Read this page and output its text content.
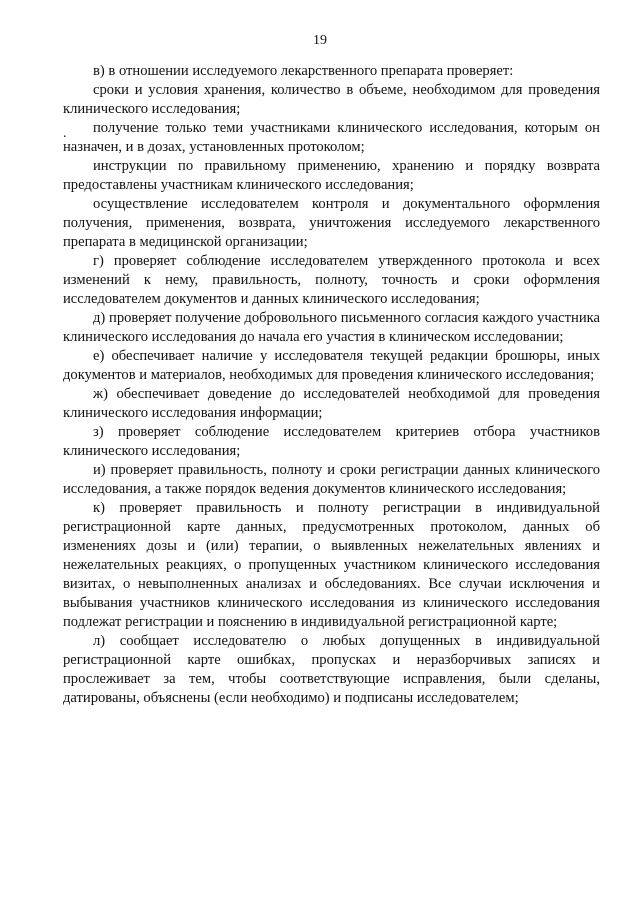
19
.

в) в отношении исследуемого лекарственного препарата проверяет:

сроки и условия хранения, количество в объеме, необходимом для проведения клинического исследования;

получение только теми участниками клинического исследования, которым он назначен, и в дозах, установленных протоколом;

инструкции по правильному применению, хранению и порядку возврата предоставлены участникам клинического исследования;

осуществление исследователем контроля и документального оформления получения, применения, возврата, уничтожения исследуемого лекарственного препарата в медицинской организации;

г) проверяет соблюдение исследователем утвержденного протокола и всех изменений к нему, правильность, полноту, точность и сроки оформления исследователем документов и данных клинического исследования;

д) проверяет получение добровольного письменного согласия каждого участника клинического исследования до начала его участия в клиническом исследовании;

е) обеспечивает наличие у исследователя текущей редакции брошюры, иных документов и материалов, необходимых для проведения клинического исследования;

ж) обеспечивает доведение до исследователей необходимой для проведения клинического исследования информации;

з) проверяет соблюдение исследователем критериев отбора участников клинического исследования;

и) проверяет правильность, полноту и сроки регистрации данных клинического исследования, а также порядок ведения документов клинического исследования;

к) проверяет правильность и полноту регистрации в индивидуальной регистрационной карте данных, предусмотренных протоколом, данных об изменениях дозы и (или) терапии, о выявленных нежелательных явлениях и нежелательных реакциях, о пропущенных участником клинического исследования визитах, о невыполненных анализах и обследованиях. Все случаи исключения и выбывания участников клинического исследования из клинического исследования подлежат регистрации и пояснению в индивидуальной регистрационной карте;

л) сообщает исследователю о любых допущенных в индивидуальной регистрационной карте ошибках, пропусках и неразборчивых записях и прослеживает за тем, чтобы соответствующие исправления, были сделаны, датированы, объяснены (если необходимо) и подписаны исследователем;
